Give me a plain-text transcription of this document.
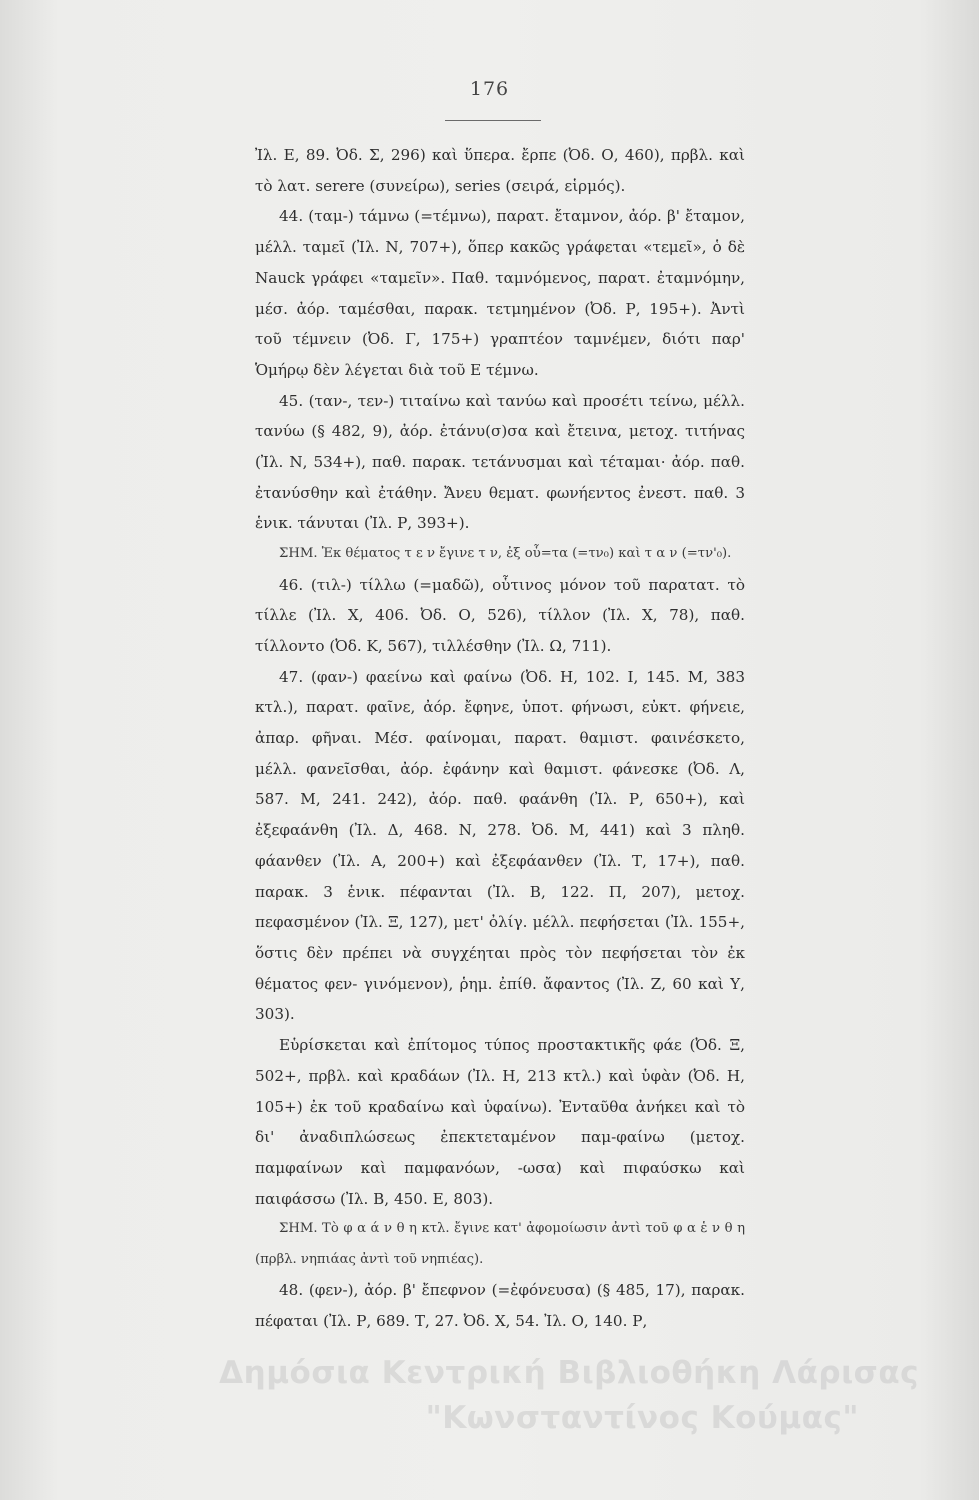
176

Ἰλ. Ε, 89. Ὀδ. Σ, 296) καὶ ὕπερα. ἔρπε (Ὀδ. Ο, 460), πρβλ. καὶ τὸ λατ. serere (συνείρω), series (σειρά, εἱρμός).

44. (ταμ-) τάμνω (=τέμνω), παρατ. ἔταμνον, ἀόρ. β' ἔταμον, μέλλ. ταμεῖ (Ἰλ. Ν, 707+), ὅπερ κακῶς γράφεται «τεμεῖ», ὁ δὲ Nauck γράφει «ταμεῖν». Παθ. ταμνόμενος, παρατ. ἐταμνόμην, μέσ. ἀόρ. ταμέσθαι, παρακ. τετμημένον (Ὀδ. Ρ, 195+). Ἀντὶ τοῦ τέμνειν (Ὀδ. Γ, 175+) γραπτέον ταμνέμεν, διότι παρ' Ὁμήρῳ δὲν λέγεται διὰ τοῦ Ε τέμνω.

45. (ταν-, τεν-) τιταίνω καὶ τανύω καὶ προσέτι τείνω, μέλλ. τανύω (§ 482, 9), ἀόρ. ἐτάνυ(σ)σα καὶ ἔτεινα, μετοχ. τιτήνας (Ἰλ. Ν, 534+), παθ. παρακ. τετάνυσμαι καὶ τέταμαι· ἀόρ. παθ. ἐτανύσθην καὶ ἐτάθην. Ἄνευ θεματ. φωνήεντος ἐνεστ. παθ. 3 ἑνικ. τάνυται (Ἰλ. Ρ, 393+).

ΣΗΜ. Ἐκ θέματος τ ε ν ἔγινε τ ν, ἐξ οὗ=τα (=τν₀) καὶ τ α ν (=τν'₀).

46. (τιλ-) τίλλω (=μαδῶ), οὗτινος μόνον τοῦ παρατατ. τὸ τίλλε (Ἰλ. Χ, 406. Ὀδ. Ο, 526), τίλλον (Ἰλ. Χ, 78), παθ. τίλλοντο (Ὀδ. Κ, 567), τιλλέσθην (Ἰλ. Ω, 711).

47. (φαν-) φαείνω καὶ φαίνω (Ὀδ. Η, 102. Ι, 145. Μ, 383 κτλ.), παρατ. φαῖνε, ἀόρ. ἔφηνε, ὑποτ. φήνωσι, εὐκτ. φήνειε, ἀπαρ. φῆναι. Μέσ. φαίνομαι, παρατ. θαμιστ. φαινέσκετο, μέλλ. φανεῖσθαι, ἀόρ. ἐφάνην καὶ θαμιστ. φάνεσκε (Ὀδ. Λ, 587. Μ, 241. 242), ἀόρ. παθ. φαάνθη (Ἰλ. Ρ, 650+), καὶ ἐξεφαάνθη (Ἰλ. Δ, 468. Ν, 278. Ὀδ. Μ, 441) καὶ 3 πληθ. φάανθεν (Ἰλ. Α, 200+) καὶ ἐξεφάανθεν (Ἰλ. Τ, 17+), παθ. παρακ. 3 ἑνικ. πέφανται (Ἰλ. Β, 122. Π, 207), μετοχ. πεφασμένον (Ἰλ. Ξ, 127), μετ' ὀλίγ. μέλλ. πεφήσεται (Ἰλ. 155+, ὅστις δὲν πρέπει νὰ συγχέηται πρὸς τὸν πεφήσεται τὸν ἐκ θέματος φεν- γινόμενον), ῥημ. ἐπίθ. ἄφαντος (Ἰλ. Ζ, 60 καὶ Υ, 303).

Εὑρίσκεται καὶ ἐπίτομος τύπος προστακτικῆς φάε (Ὀδ. Ξ, 502+, πρβλ. καὶ κραδάων (Ἰλ. Η, 213 κτλ.) καὶ ὑφὰν (Ὀδ. Η, 105+) ἐκ τοῦ κραδαίνω καὶ ὑφαίνω). Ἐνταῦθα ἀνήκει καὶ τὸ δι' ἀναδιπλώσεως ἐπεκτεταμένον παμ-φαίνω (μετοχ. παμφαίνων καὶ παμφανόων, -ωσα) καὶ πιφαύσκω καὶ παιφάσσω (Ἰλ. Β, 450. Ε, 803).

ΣΗΜ. Τὸ φ α ά ν θ η κτλ. ἔγινε κατ' ἀφομοίωσιν ἀντὶ τοῦ φ α ἑ ν θ η (πρβλ. νηπιάας ἀντὶ τοῦ νηπιέας).

48. (φεν-), ἀόρ. β' ἔπεφνον (=ἐφόνευσα) (§ 485, 17), παρακ. πέφαται (Ἰλ. Ρ, 689. Τ, 27. Ὀδ. Χ, 54. Ἰλ. Ο, 140. Ρ,

Δημόσια Κεντρική Βιβλιοθήκη Λάρισας
"Κωνσταντίνος Κούμας"
